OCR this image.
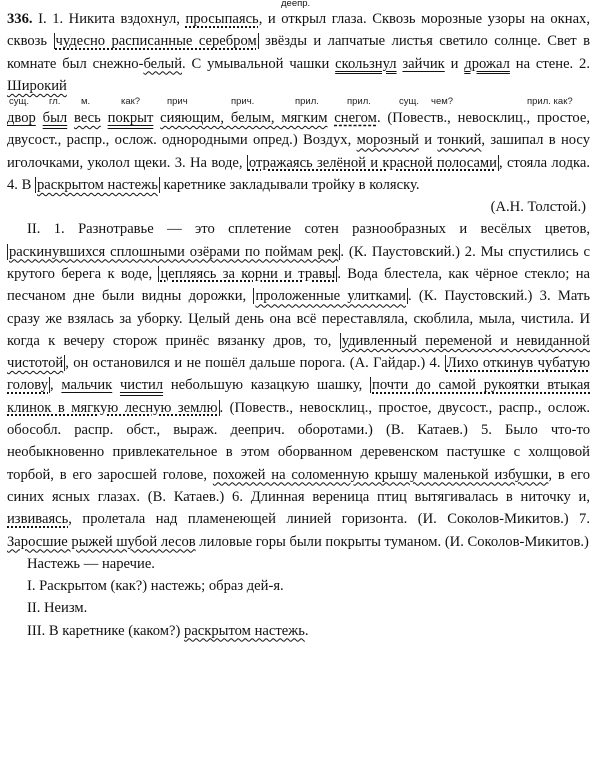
деепр.
336. I. 1. Никита вздохнул, просыпаясь, и открыл глаза. Сквозь морозные узоры на окнах, сквозь чудесно расписанные серебром звёзды и лапчатые листья светило солнце. Свет в комнате был снежно-белый. С умывальной чашки скользнул зайчик и дрожал на стене. 2. Широкий

сущ. гл. м.	как?	прич	прич.	прил.	прил.	сущ. чем?	прил. как?

двор был весь покрыт сияющим, белым, мягким снегом. (Повеств., невосклиц., простое, двусост., распр., ослож. однородными опред.) Воздух, морозный и тонкий, зашипал в носу иголочками, уколол щеки. 3. На воде, отражаясь зелёной и красной полосами , стояла лодка. 4. В раскрытом настежь каретнике закладывали тройку в коляску.

(А.Н. Толстой.)

II. 1. Разнотравье — это сплетение сотен разнообразных и весёлых цветов, раскинувшихся сплошными озёрами по поймам рек . (К. Паустовский.) 2. Мы спустились с крутого берега к воде, цепляясь за корни и травы . Вода блестела, как чёрное стекло; на песчаном дне были видны дорожки, проложенные улитками . (К. Паустовский.) 3. Мать сразу же взялась за уборку. Целый день она всё переставляла, скоблила, мыла, чистила. И когда к вечеру сторож принёс вязанку дров, то, удивленный переменой и невиданной чистотой , он остановился и не пошёл дальше порога. (А. Гайдар.) 4. Лихо откинув чубатую голову , мальчик чистил небольшую казацкую шашку, почти до самой рукоятки втыкая клинок в мягкую лесную землю . (Повеств., невосклиц., простое, двусост., распр., ослож. обособл. распр. обст., выраж. деeприч. оборотами.) (В. Катаев.) 5. Было что-то необыкновенно привлекательное в этом оборванном деревенском пастушке с холщовой торбой, в его заросшей голове, похожей на соломенную крышу маленькой избушки, в его синих ясных глазах. (В. Катаев.) 6. Длинная вереница птиц вытягивалась в ниточку и, извиваясь, пролетала над пламенеющей линией горизонта. (И. Соколов-Микитов.) 7. Заросшие рыжей шубой лесов лиловые горы были покрыты туманом. (И. Соколов-Микитов.)

Настежь — наречие.

I. Раскрытом (как?) настежь; образ дей-я.

II. Неизм.

III. В каретнике (каком?) раскрытом настежь.
